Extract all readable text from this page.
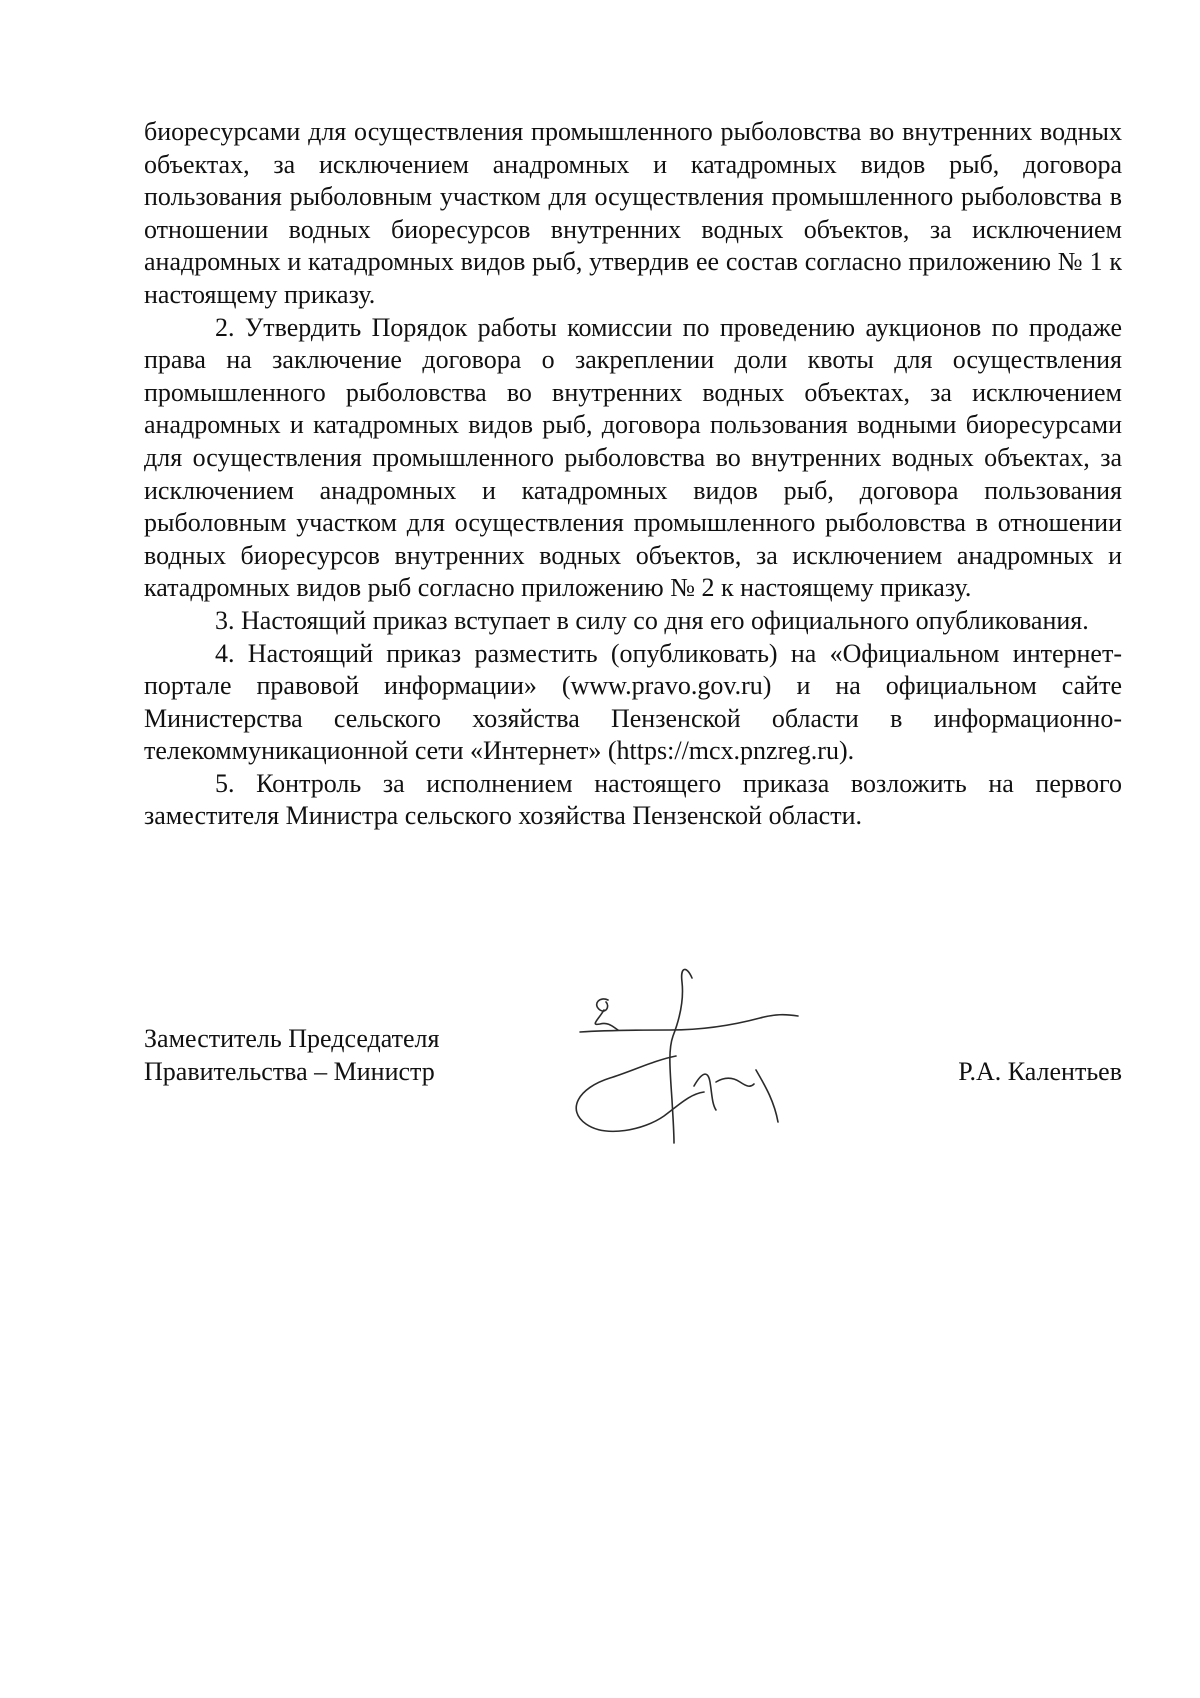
биоресурсами для осуществления промышленного рыболовства во внутренних водных объектах, за исключением анадромных и катадромных видов рыб, договора пользования рыболовным участком для осуществления промышленного рыболовства в отношении водных биоресурсов внутренних водных объектов, за исключением анадромных и катадромных видов рыб, утвердив ее состав согласно приложению № 1 к настоящему приказу.

2. Утвердить Порядок работы комиссии по проведению аукционов по продаже права на заключение договора о закреплении доли квоты для осуществления промышленного рыболовства во внутренних водных объектах, за исключением анадромных и катадромных видов рыб, договора пользования водными биоресурсами для осуществления промышленного рыболовства во внутренних водных объектах, за исключением анадромных и катадромных видов рыб, договора пользования рыболовным участком для осуществления промышленного рыболовства в отношении водных биоресурсов внутренних водных объектов, за исключением анадромных и катадромных видов рыб согласно приложению № 2 к настоящему приказу.

3. Настоящий приказ вступает в силу со дня его официального опубликования.

4. Настоящий приказ разместить (опубликовать) на «Официальном интернет-портале правовой информации» (www.pravo.gov.ru) и на официальном сайте Министерства сельского хозяйства Пензенской области в информационно-телекоммуникационной сети «Интернет» (https://mcx.pnzreg.ru).

5. Контроль за исполнением настоящего приказа возложить на первого заместителя Министра сельского хозяйства Пензенской области.

Заместитель Председателя
Правительства – Министр	Р.А. Калентьев
